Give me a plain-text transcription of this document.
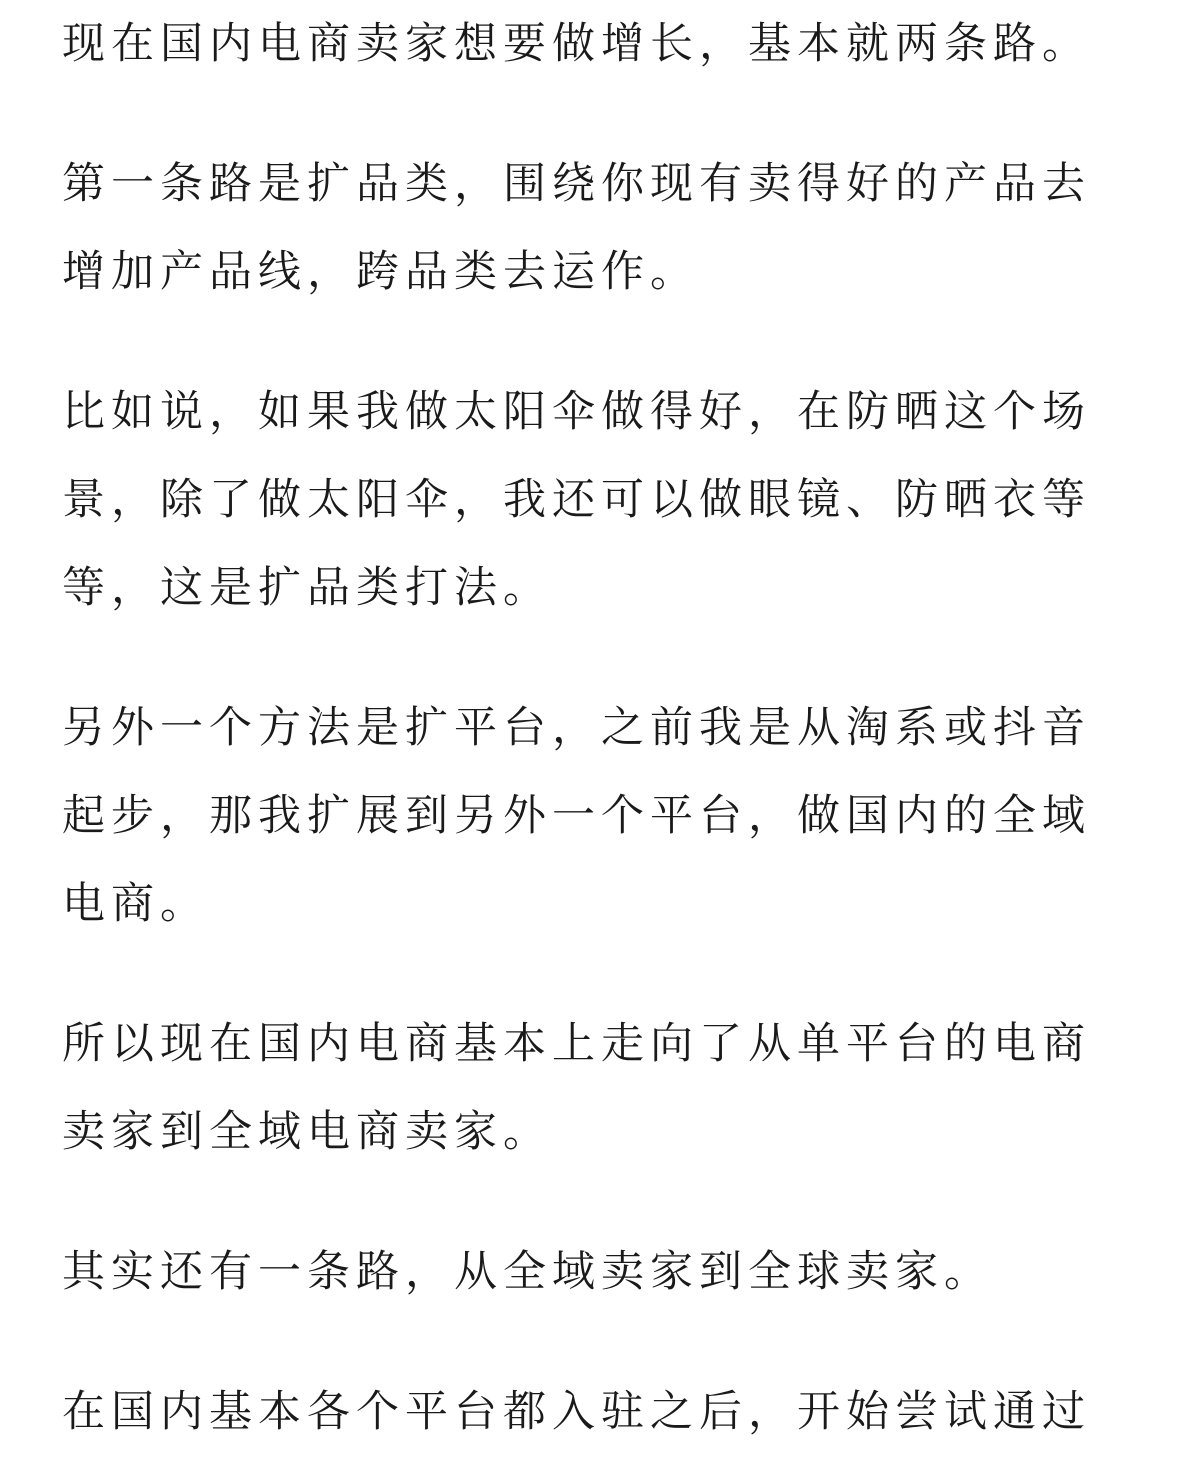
现在国内电商卖家想要做增长，基本就两条路。

第一条路是扩品类，围绕你现有卖得好的产品去
增加产品线，跨品类去运作。

比如说，如果我做太阳伞做得好，在防晒这个场
景，除了做太阳伞，我还可以做眼镜、防晒衣等
等，这是扩品类打法。

另外一个方法是扩平台，之前我是从淘系或抖音
起步，那我扩展到另外一个平台，做国内的全域
电商。

所以现在国内电商基本上走向了从单平台的电商
卖家到全域电商卖家。

其实还有一条路，从全域卖家到全球卖家。

在国内基本各个平台都入驻之后，开始尝试通过
